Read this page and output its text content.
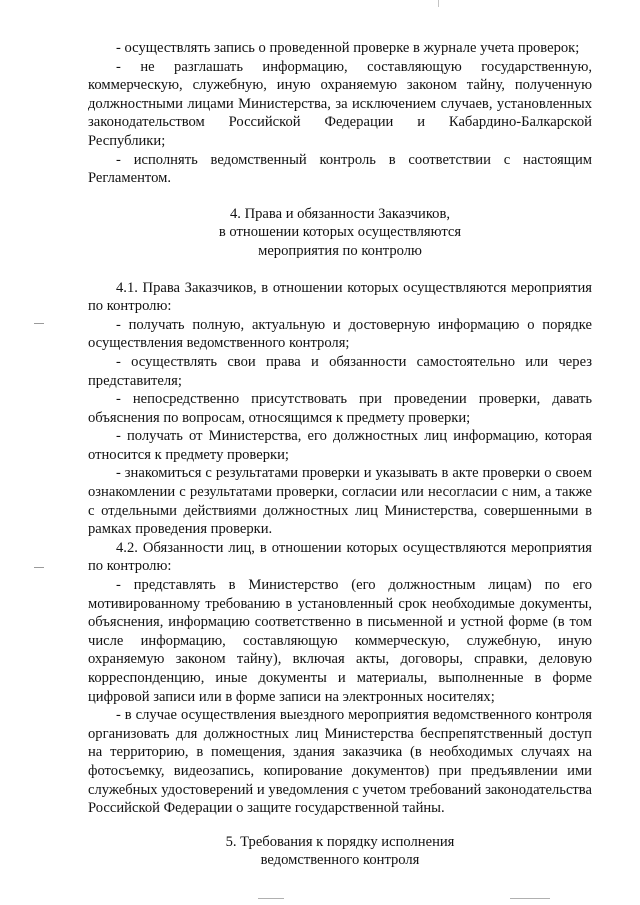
- осуществлять запись о проведенной проверке в журнале учета проверок;

- не разглашать информацию, составляющую государственную, коммерческую, служебную, иную охраняемую законом тайну, полученную должностными лицами Министерства, за исключением случаев, установленных законодательством Российской Федерации и Кабардино-Балкарской Республики;

- исполнять ведомственный контроль в соответствии с настоящим Регламентом.

4. Права и обязанности Заказчиков,
в отношении которых осуществляются
мероприятия по контролю

4.1. Права Заказчиков, в отношении которых осуществляются мероприятия по контролю:

- получать полную, актуальную и достоверную информацию о порядке осуществления ведомственного контроля;

- осуществлять свои права и обязанности самостоятельно или через представителя;

- непосредственно присутствовать при проведении проверки, давать объяснения по вопросам, относящимся к предмету проверки;

- получать от Министерства, его должностных лиц информацию, которая относится к предмету проверки;

- знакомиться с результатами проверки и указывать в акте проверки о своем ознакомлении с результатами проверки, согласии или несогласии с ним, а также с отдельными действиями должностных лиц Министерства, совершенными в рамках проведения проверки.

4.2. Обязанности лиц, в отношении которых осуществляются мероприятия по контролю:

- представлять в Министерство (его должностным лицам) по его мотивированному требованию в установленный срок необходимые документы, объяснения, информацию соответственно в письменной и устной форме (в том числе информацию, составляющую коммерческую, служебную, иную охраняемую законом тайну), включая акты, договоры, справки, деловую корреспонденцию, иные документы и материалы, выполненные в форме цифровой записи или в форме записи на электронных носителях;

- в случае осуществления выездного мероприятия ведомственного контроля организовать для должностных лиц Министерства беспрепятственный доступ на территорию, в помещения, здания заказчика (в необходимых случаях на фотосъемку, видеозапись, копирование документов) при предъявлении ими служебных удостоверений и уведомления с учетом требований законодательства Российской Федерации о защите государственной тайны.

5. Требования к порядку исполнения
ведомственного контроля
